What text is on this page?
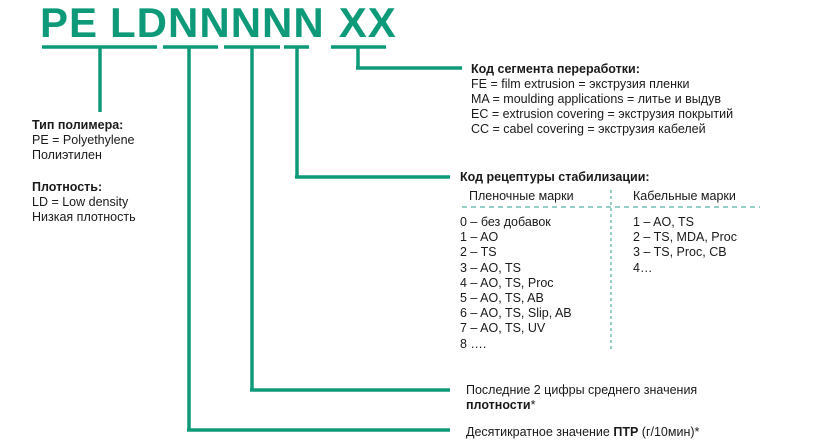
PE LDNNNNN XX
Тип полимера:
PE = Polyethylene
Полиэтилен
Плотность:
LD = Low density
Низкая плотность
Код сегмента переработки:
FE = film extrusion = экструзия пленки
MA = moulding applications = литье и выдув
EC = extrusion covering = экструзия покрытий
CC = cabel covering = экструзия кабелей
Код рецептуры стабилизации:
Пленочные марки	Кабельные марки
0 – без добавок
1 – AO
2 – TS
3 – AO, TS
4 – AO, TS, Proc
5 – AO, TS, AB
6 – AO, TS, Slip, AB
7 – AO, TS, UV
8 ….
1 – AO, TS
2 – TS, MDA, Proc
3 – TS, Proc, CB
4…
Последние 2 цифры среднего значения
плотности*
Десятикратное значение ПТР (г/10мин)*
